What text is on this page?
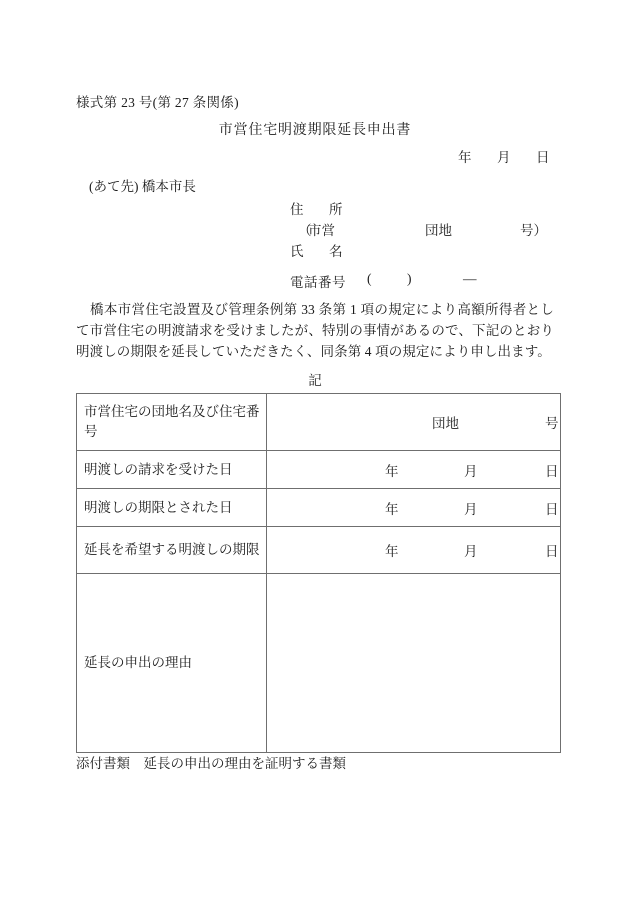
様式第 23 号(第 27 条関係)
市営住宅明渡期限延長申出書
年 月 日
(あて先) 橋本市長
住　所
（
市営	団地	号）
氏　名
電話番号 (	)	—
橋本市営住宅設置及び管理条例第 33 条第 1 項の規定により高額所得者として市営住宅の明渡請求を受けましたが、特別の事情があるので、下記のとおり明渡しの期限を延長していただきたく、同条第 4 項の規定により申し出ます。
記
市営住宅の団地名及び住宅番号	団地 号

明渡しの請求を受けた日	年 月 日

明渡しの期限とされた日	年 月 日

延長を希望する明渡しの期限	年 月 日

延長の申出の理由	
添付書類　延長の申出の理由を証明する書類
